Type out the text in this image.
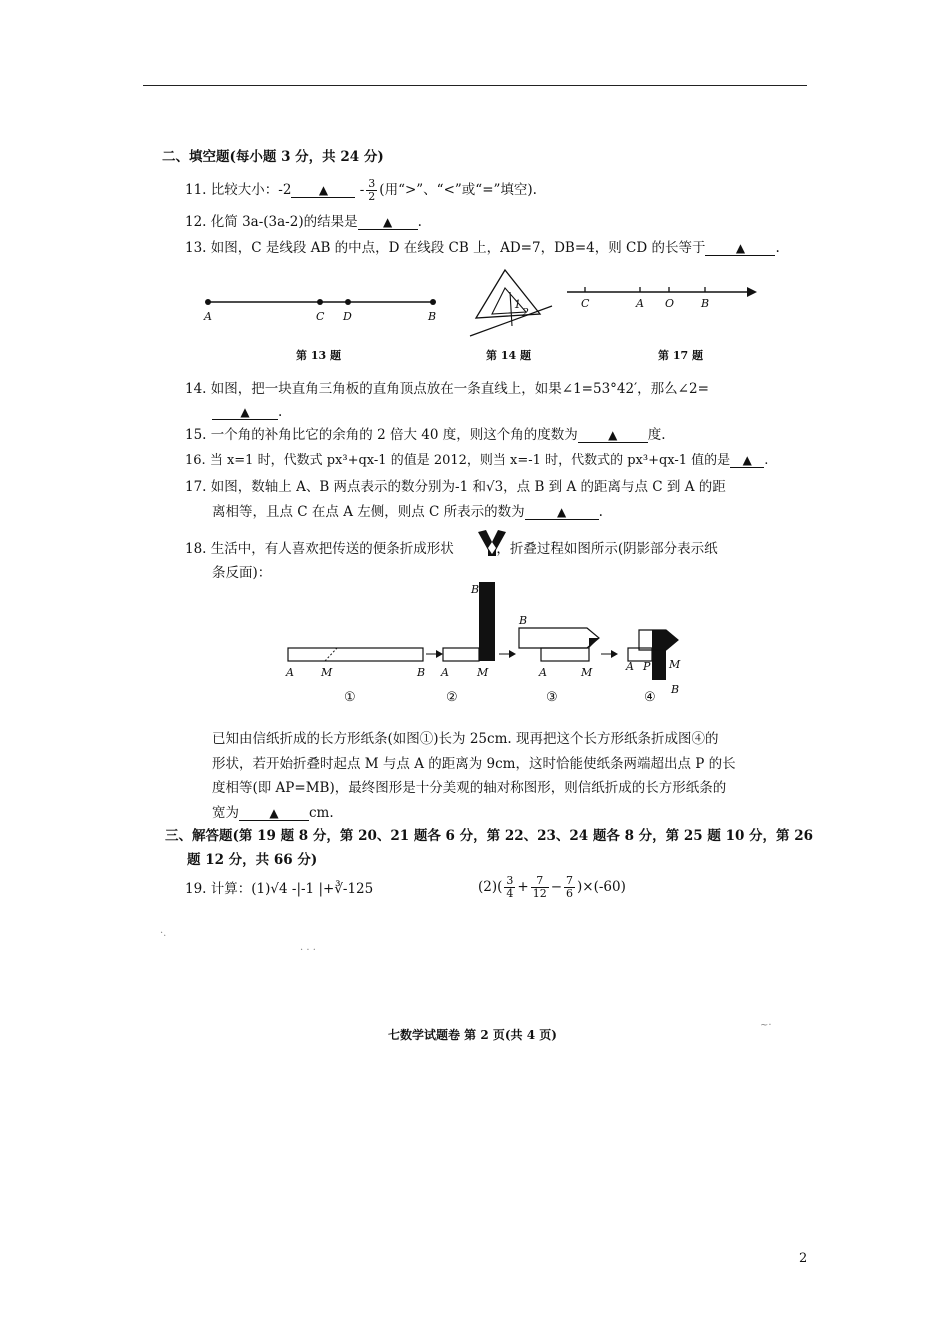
二、填空题(每小题 3 分，共 24 分)
11. 比较大小：-2 ▲ - $\frac{3}{2}$ (用“>”、“<”或“=”填空).
12. 化简 3a-(3a-2)的结果是 ▲ .
13. 如图，C 是线段 AB 的中点，D 在线段 CB 上，AD=7，DB=4，则 CD 的长等于	▲ .
A	C D	B
第 13 题
1
2
第 14 题
C	A O B
第 17 题
14. 如图，把一块直角三角板的直角顶点放在一条直线上，如果∠1=53°42′，那么∠2=
▲ .
15. 一个角的补角比它的余角的 2 倍大 40 度，则这个角的度数为	▲ 度.
16. 当 x=1 时，代数式 px³+qx-1 的值是 2012，则当 x=-1 时，代数式的 px³+qx-1 值的是 ▲ .
17. 如图，数轴上 A、B 两点表示的数分别为-1 和√3，点 B 到 A 的距离与点 C 到 A 的距
离相等，且点 C 在点 A 左侧，则点 C 所表示的数为	▲ .
18. 生活中，有人喜欢把传送的便条折成形状	，折叠过程如图所示(阴影部分表示纸
条反面)：
A M	B
B
A	M
B
A	M	A P M
B
①	②	③	④
已知由信纸折成的长方形纸条(如图①)长为 25cm. 现再把这个长方形纸条折成图④的
形状，若开始折叠时起点 M 与点 A 的距离为 9cm，这时恰能使纸条两端超出点 P 的长
度相等(即 AP=MB)，最终图形是十分美观的轴对称图形，则信纸折成的长方形纸条的
宽为	▲ cm.
三、解答题(第 19 题 8 分，第 20、21 题各 6 分，第 22、23、24 题各 8 分，第 25 题 10 分，第 26
题 12 分，共 66 分)
19. 计算：(1)√4 -|-1 |+∛-125	$(2)( \frac{3}{4} + \frac{7}{12} - \frac{7}{6} )\times(-60)$
·.
· · ·
~·
七数学试题卷 第 2 页(共 4 页)
2
